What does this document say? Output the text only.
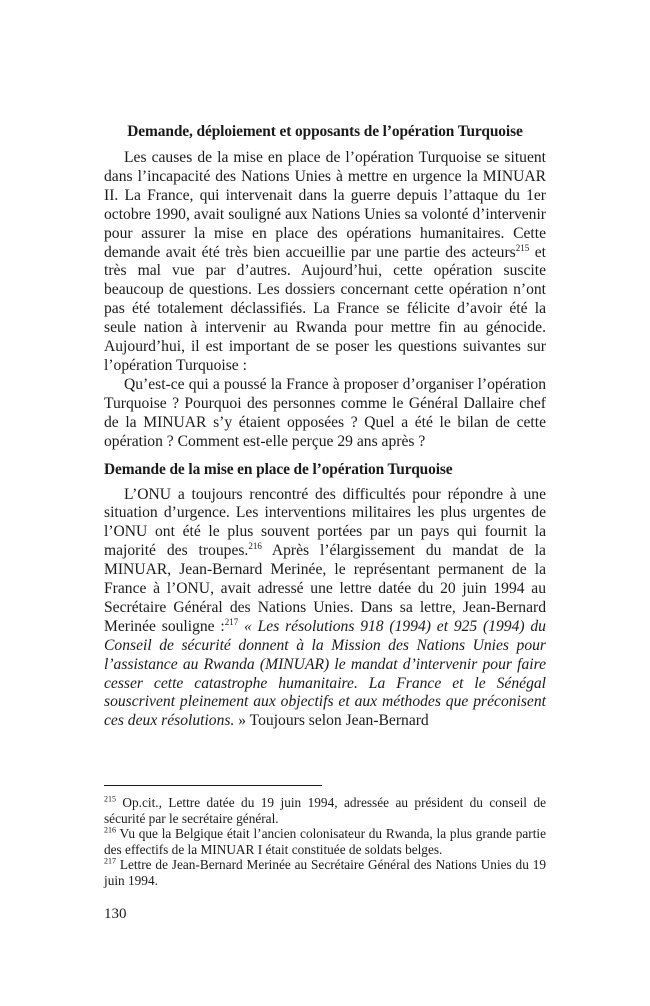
Demande, déploiement et opposants de l’opération Turquoise

Les causes de la mise en place de l’opération Turquoise se situent dans l’incapacité des Nations Unies à mettre en urgence la MINUAR II. La France, qui intervenait dans la guerre depuis l’attaque du 1er octobre 1990, avait souligné aux Nations Unies sa volonté d’intervenir pour assurer la mise en place des opérations humanitaires. Cette demande avait été très bien accueillie par une partie des acteurs$^{215}$ et très mal vue par d’autres. Aujourd’hui, cette opération suscite beaucoup de questions. Les dossiers concernant cette opération n’ont pas été totalement déclassifiés. La France se félicite d’avoir été la seule nation à intervenir au Rwanda pour mettre fin au génocide. Aujourd’hui, il est important de se poser les questions suivantes sur l’opération Turquoise :

Qu’est-ce qui a poussé la France à proposer d’organiser l’opération Turquoise ? Pourquoi des personnes comme le Général Dallaire chef de la MINUAR s’y étaient opposées ? Quel a été le bilan de cette opération ? Comment est-elle perçue 29 ans après ?

Demande de la mise en place de l’opération Turquoise

L’ONU a toujours rencontré des difficultés pour répondre à une situation d’urgence. Les interventions militaires les plus urgentes de l’ONU ont été le plus souvent portées par un pays qui fournit la majorité des troupes.$^{216}$ Après l’élargissement du mandat de la MINUAR, Jean-Bernard Merinée, le représentant permanent de la France à l’ONU, avait adressé une lettre datée du 20 juin 1994 au Secrétaire Général des Nations Unies. Dans sa lettre, Jean-Bernard Merinée souligne :$^{217}$ « Les résolutions 918 (1994) et 925 (1994) du Conseil de sécurité donnent à la Mission des Nations Unies pour l’assistance au Rwanda (MINUAR) le mandat d’intervenir pour faire cesser cette catastrophe humanitaire. La France et le Sénégal souscrivent pleinement aux objectifs et aux méthodes que préconisent ces deux résolutions. » Toujours selon Jean-Bernard

$^{215}$ Op.cit., Lettre datée du 19 juin 1994, adressée au président du conseil de sécurité par le secrétaire général.

$^{216}$ Vu que la Belgique était l’ancien colonisateur du Rwanda, la plus grande partie des effectifs de la MINUAR I était constituée de soldats belges.

$^{217}$ Lettre de Jean-Bernard Merinée au Secrétaire Général des Nations Unies du 19 juin 1994.

130
